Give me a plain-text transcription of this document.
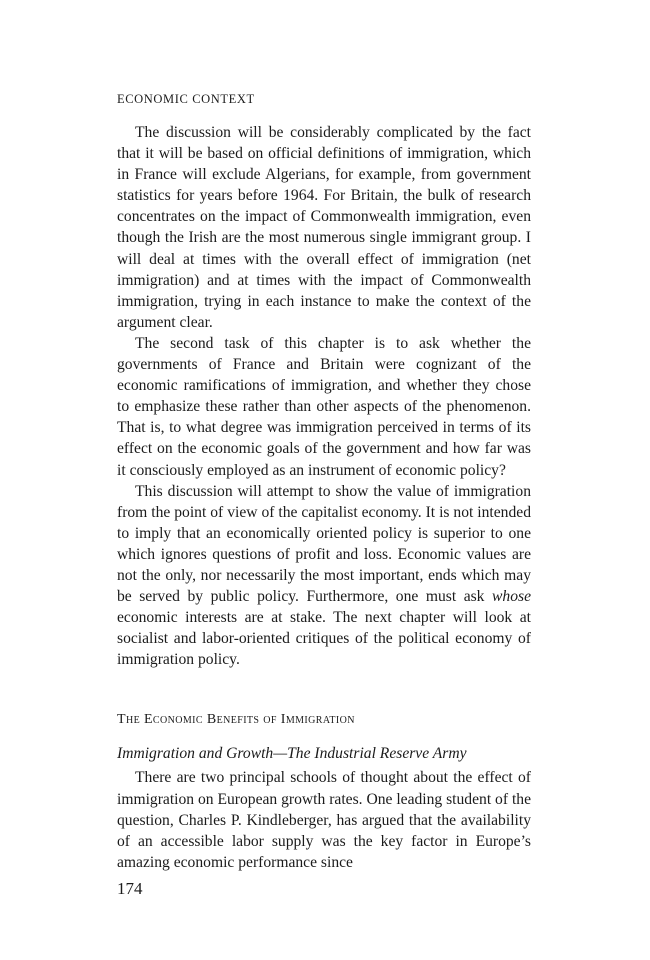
ECONOMIC CONTEXT

The discussion will be considerably complicated by the fact that it will be based on official definitions of immigration, which in France will exclude Algerians, for example, from government statistics for years before 1964. For Britain, the bulk of research concentrates on the impact of Commonwealth immigration, even though the Irish are the most numerous single immigrant group. I will deal at times with the overall effect of immigration (net immigration) and at times with the impact of Commonwealth immigration, trying in each instance to make the context of the argument clear.

The second task of this chapter is to ask whether the governments of France and Britain were cognizant of the economic ramifications of immigration, and whether they chose to emphasize these rather than other aspects of the phenomenon. That is, to what degree was immigration perceived in terms of its effect on the economic goals of the government and how far was it consciously employed as an instrument of economic policy?

This discussion will attempt to show the value of immigration from the point of view of the capitalist economy. It is not intended to imply that an economically oriented policy is superior to one which ignores questions of profit and loss. Economic values are not the only, nor necessarily the most important, ends which may be served by public policy. Furthermore, one must ask whose economic interests are at stake. The next chapter will look at socialist and labor-oriented critiques of the political economy of immigration policy.

The Economic Benefits of Immigration
Immigration and Growth—The Industrial Reserve Army

There are two principal schools of thought about the effect of immigration on European growth rates. One leading student of the question, Charles P. Kindleberger, has argued that the availability of an accessible labor supply was the key factor in Europe’s amazing economic performance since

174
